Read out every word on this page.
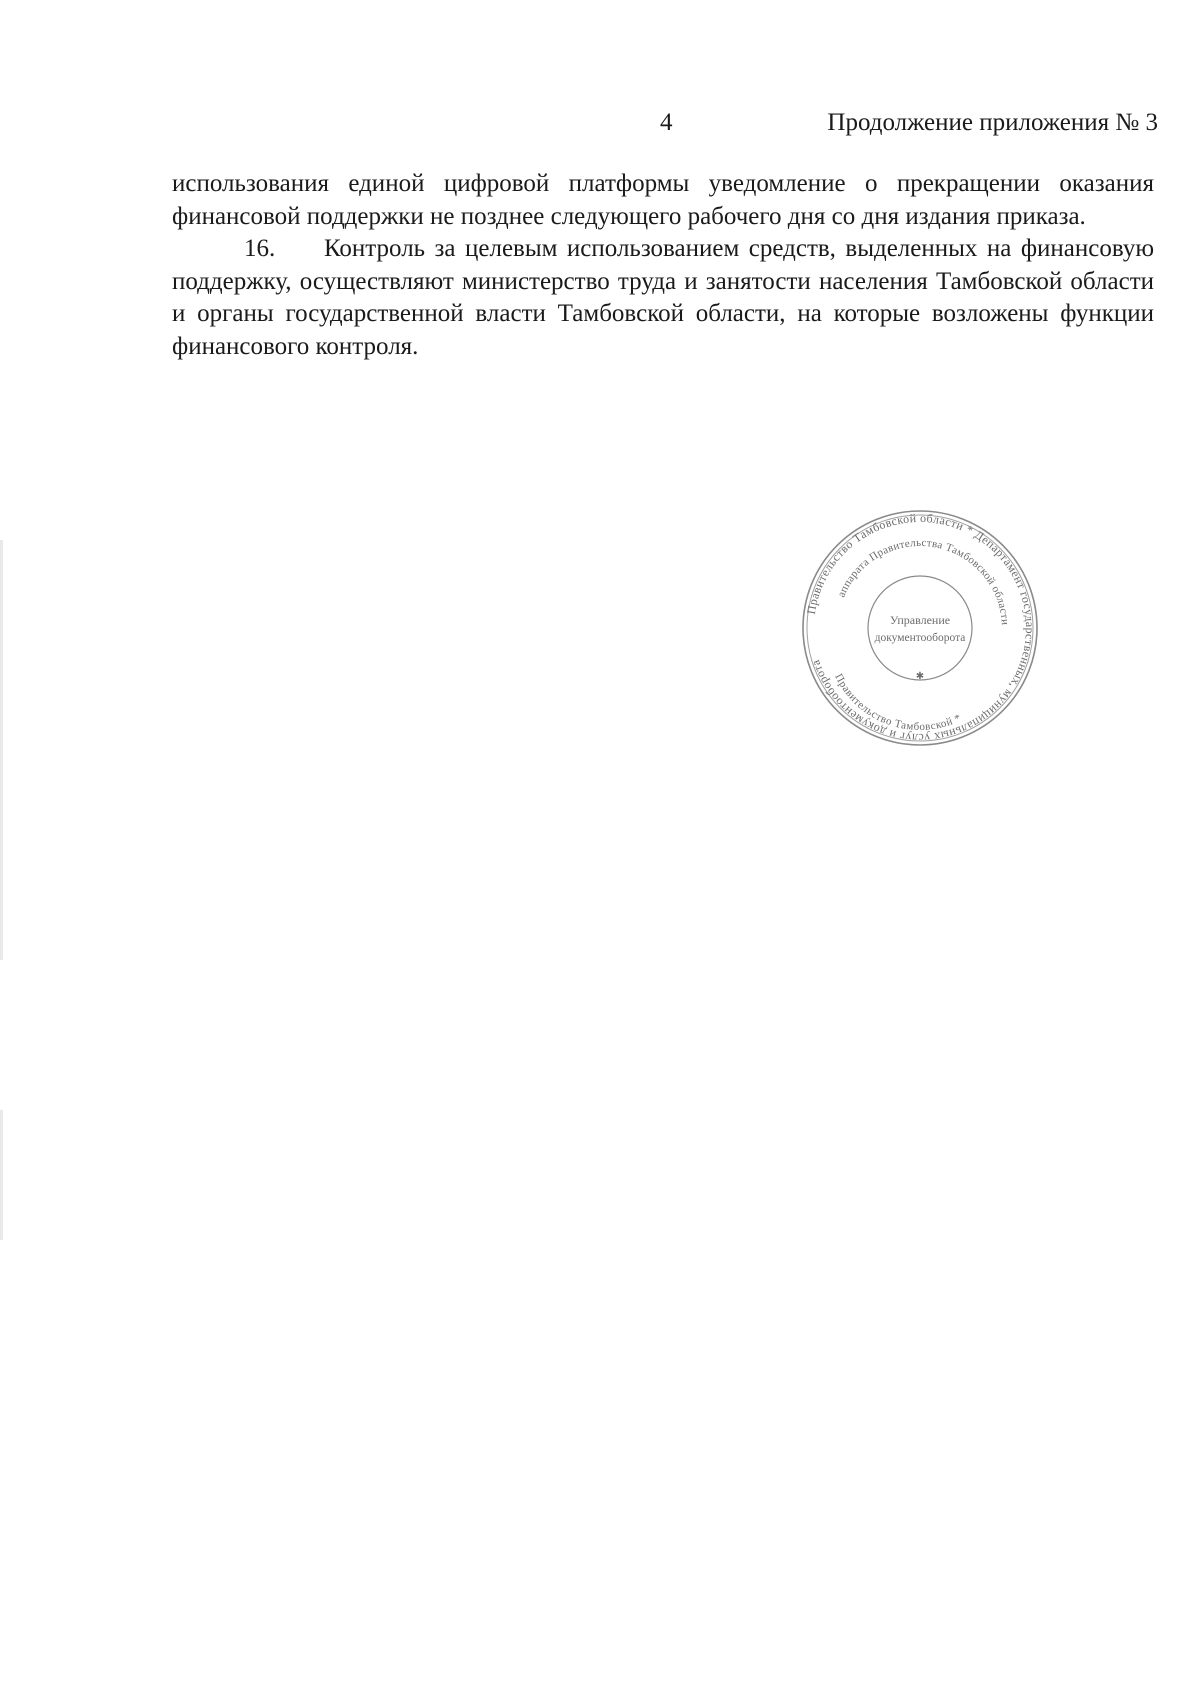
4	Продолжение приложения № 3

использования единой цифровой платформы уведомление о прекращении оказания финансовой поддержки не позднее следующего рабочего дня со дня издания приказа.

16. Контроль за целевым использованием средств, выделенных на финансовую поддержку, осуществляют министерство труда и занятости населения Тамбовской области и органы государственной власти Тамбовской области, на которые возложены функции финансового контроля.

Правительство Тамбовской области * Департамент государственных, муниципальных услуг и документооборота
аппарата Правительства Тамбовской области
Правительство Тамбовской *
Управление
документооборота
✱
